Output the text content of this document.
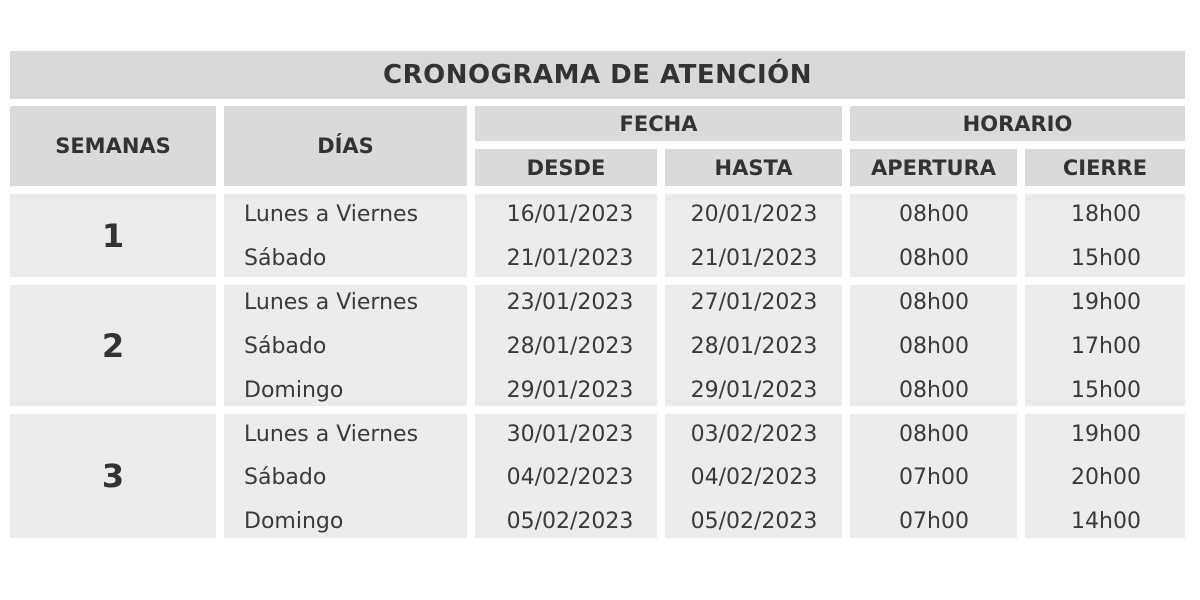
CRONOGRAMA DE ATENCIÓN
SEMANAS	DÍAS
FECHA	HORARIO
DESDE	HASTA	APERTURA	CIERRE
1
Lunes a Viernes	16/01/2023	20/01/2023	08h00	18h00
Sábado	21/01/2023	21/01/2023	08h00	15h00
2
Lunes a Viernes	23/01/2023	27/01/2023	08h00	19h00
Sábado	28/01/2023	28/01/2023	08h00	17h00
Domingo	29/01/2023	29/01/2023	08h00	15h00
3
Lunes a Viernes	30/01/2023	03/02/2023	08h00	19h00
Sábado	04/02/2023	04/02/2023	07h00	20h00
Domingo	05/02/2023	05/02/2023	07h00	14h00
